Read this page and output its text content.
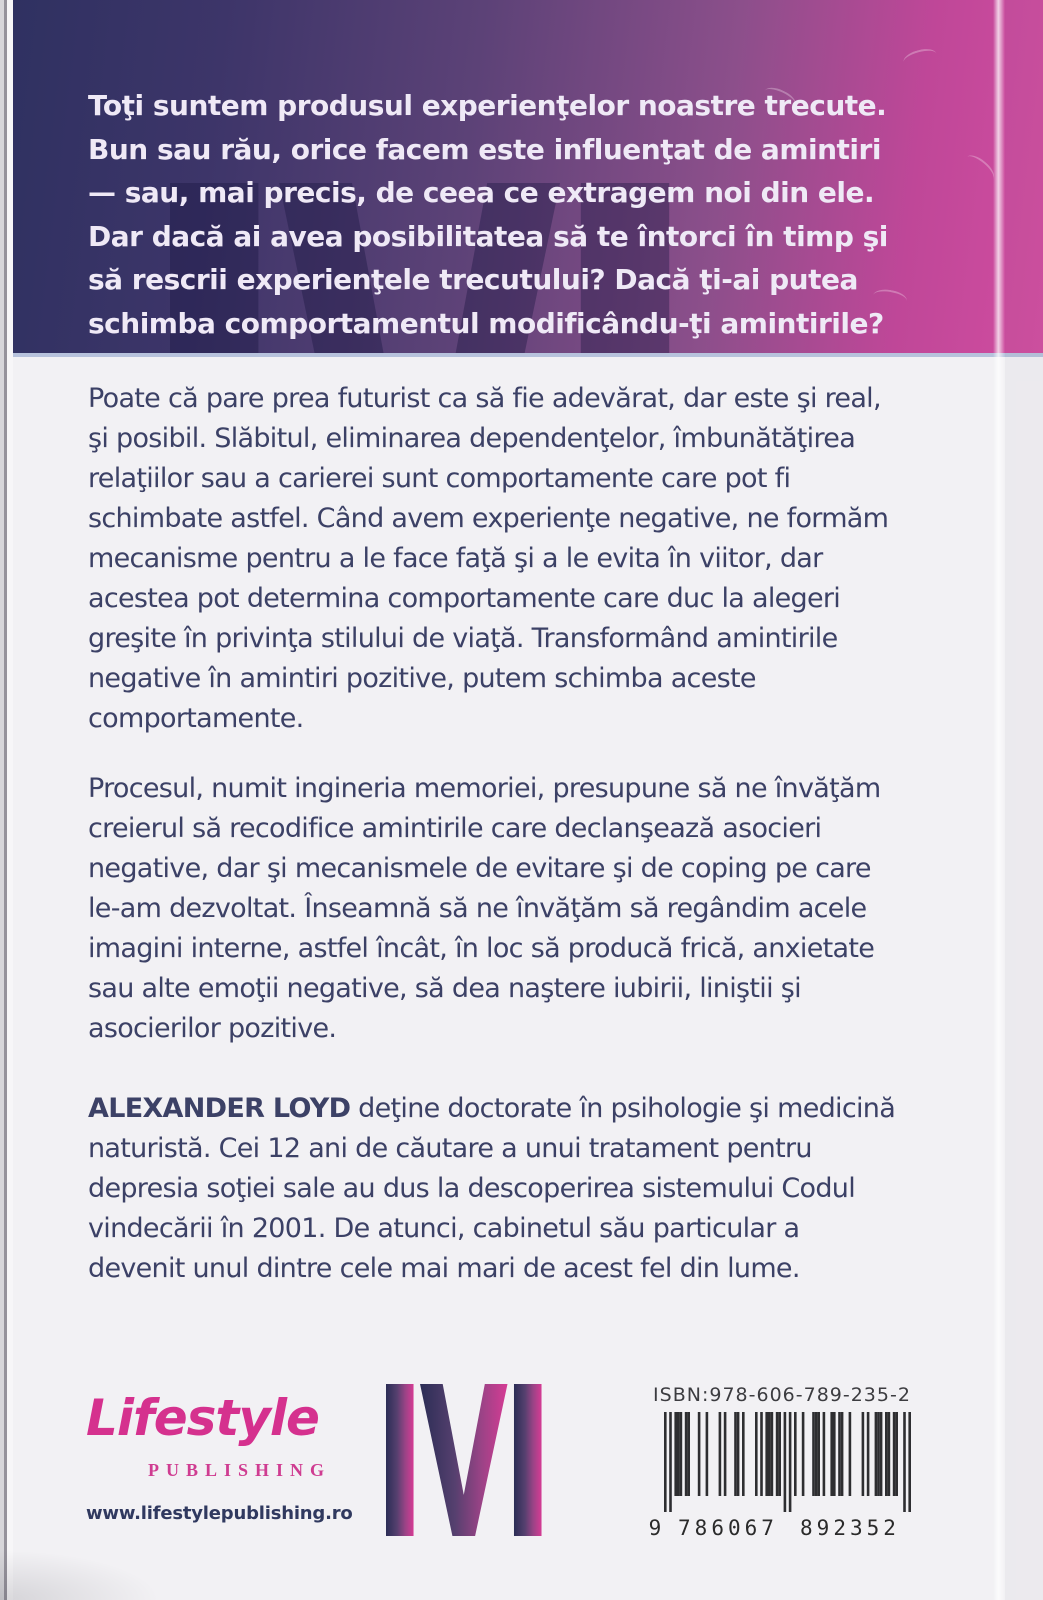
Toţi suntem produsul experienţelor noastre trecute.
Bun sau rău, orice facem este influenţat de amintiri
— sau, mai precis, de ceea ce extragem noi din ele.
Dar dacă ai avea posibilitatea să te întorci în timp şi
să rescrii experienţele trecutului? Dacă ţi-ai putea
schimba comportamentul modificându-ţi amintirile?
Poate că pare prea futurist ca să fie adevărat, dar este şi real,
şi posibil. Slăbitul, eliminarea dependenţelor, îmbunătăţirea
relaţiilor sau a carierei sunt comportamente care pot fi
schimbate astfel. Când avem experienţe negative, ne formăm
mecanisme pentru a le face faţă şi a le evita în viitor, dar
acestea pot determina comportamente care duc la alegeri
greşite în privinţa stilului de viaţă. Transformând amintirile
negative în amintiri pozitive, putem schimba aceste
comportamente.
Procesul, numit ingineria memoriei, presupune să ne învăţăm
creierul să recodifice amintirile care declanşează asocieri
negative, dar şi mecanismele de evitare şi de coping pe care
le-am dezvoltat. Înseamnă să ne învăţăm să regândim acele
imagini interne, astfel încât, în loc să producă frică, anxietate
sau alte emoţii negative, să dea naştere iubirii, liniştii şi
asocierilor pozitive.
ALEXANDER LOYD deţine doctorate în psihologie şi medicină
naturistă. Cei 12 ani de căutare a unui tratament pentru
depresia soţiei sale au dus la descoperirea sistemului Codul
vindecării în 2001. De atunci, cabinetul său particular a
devenit unul dintre cele mai mari de acest fel din lume.
Lifestyle
PUBLISHING
www.lifestylepublishing.ro
ISBN:978-606-789-235-2
9 7 8 6 0 6 7 8 9 2 3 5 2
